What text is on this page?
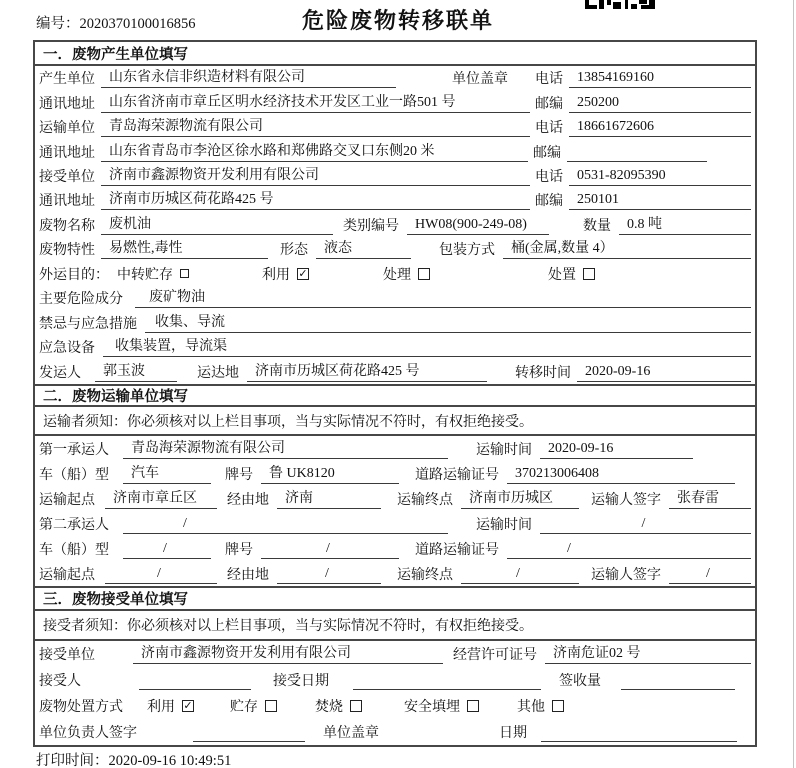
编号：2020370100016856	危险废物转移联单
一．废物产生单位填写
产生单位	山东省永信非织造材料有限公司	单位盖章 电话	13854169160
通讯地址	山东省济南市章丘区明水经济技术开发区工业一路501 号	邮编	250200
运输单位	青岛海荣源物流有限公司	电话	18661672606
通讯地址	山东省青岛市李沧区徐水路和郑佛路交叉口东侧20 米	邮编
接受单位	济南市鑫源物资开发利用有限公司	电话	0531-82095390
通讯地址	济南市历城区荷花路425 号	邮编	250101
废物名称	废机油	类别编号	HW08(900-249-08)	数量	0.8 吨
废物特性	易燃性,毒性	形态	液态	包装方式	桶(金属,数量 4）
外运目的： 中转贮存	利用 ✓	处理	处置
主要危险成分	废矿物油
禁忌与应急措施	收集、导流
应急设备	收集装置，导流渠
发运人	郭玉波	运达地	济南市历城区荷花路425 号	转移时间	2020-09-16
二．废物运输单位填写
运输者须知：你必须核对以上栏目事项，当与实际情况不符时，有权拒绝接受。
第一承运人	青岛海荣源物流有限公司	运输时间	2020-09-16
车（船）型	汽车	牌号	鲁 UK8120	道路运输证号	370213006408
运输起点	济南市章丘区	经由地	济南	运输终点	济南市历城区	运输人签字	张春雷
第二承运人	/	运输时间	/
车（船）型	/	牌号	/	道路运输证号	/
运输起点	/	经由地	/	运输终点	/	运输人签字	/
三．废物接受单位填写
接受者须知：你必须核对以上栏目事项，当与实际情况不符时，有权拒绝接受。
接受单位	济南市鑫源物资开发利用有限公司	经营许可证号	济南危证02 号
接受人	接受日期	签收量
废物处置方式 利用 ✓	贮存	焚烧	安全填埋	其他
单位负责人签字	单位盖章	日期
打印时间：2020-09-16 10:49:51
